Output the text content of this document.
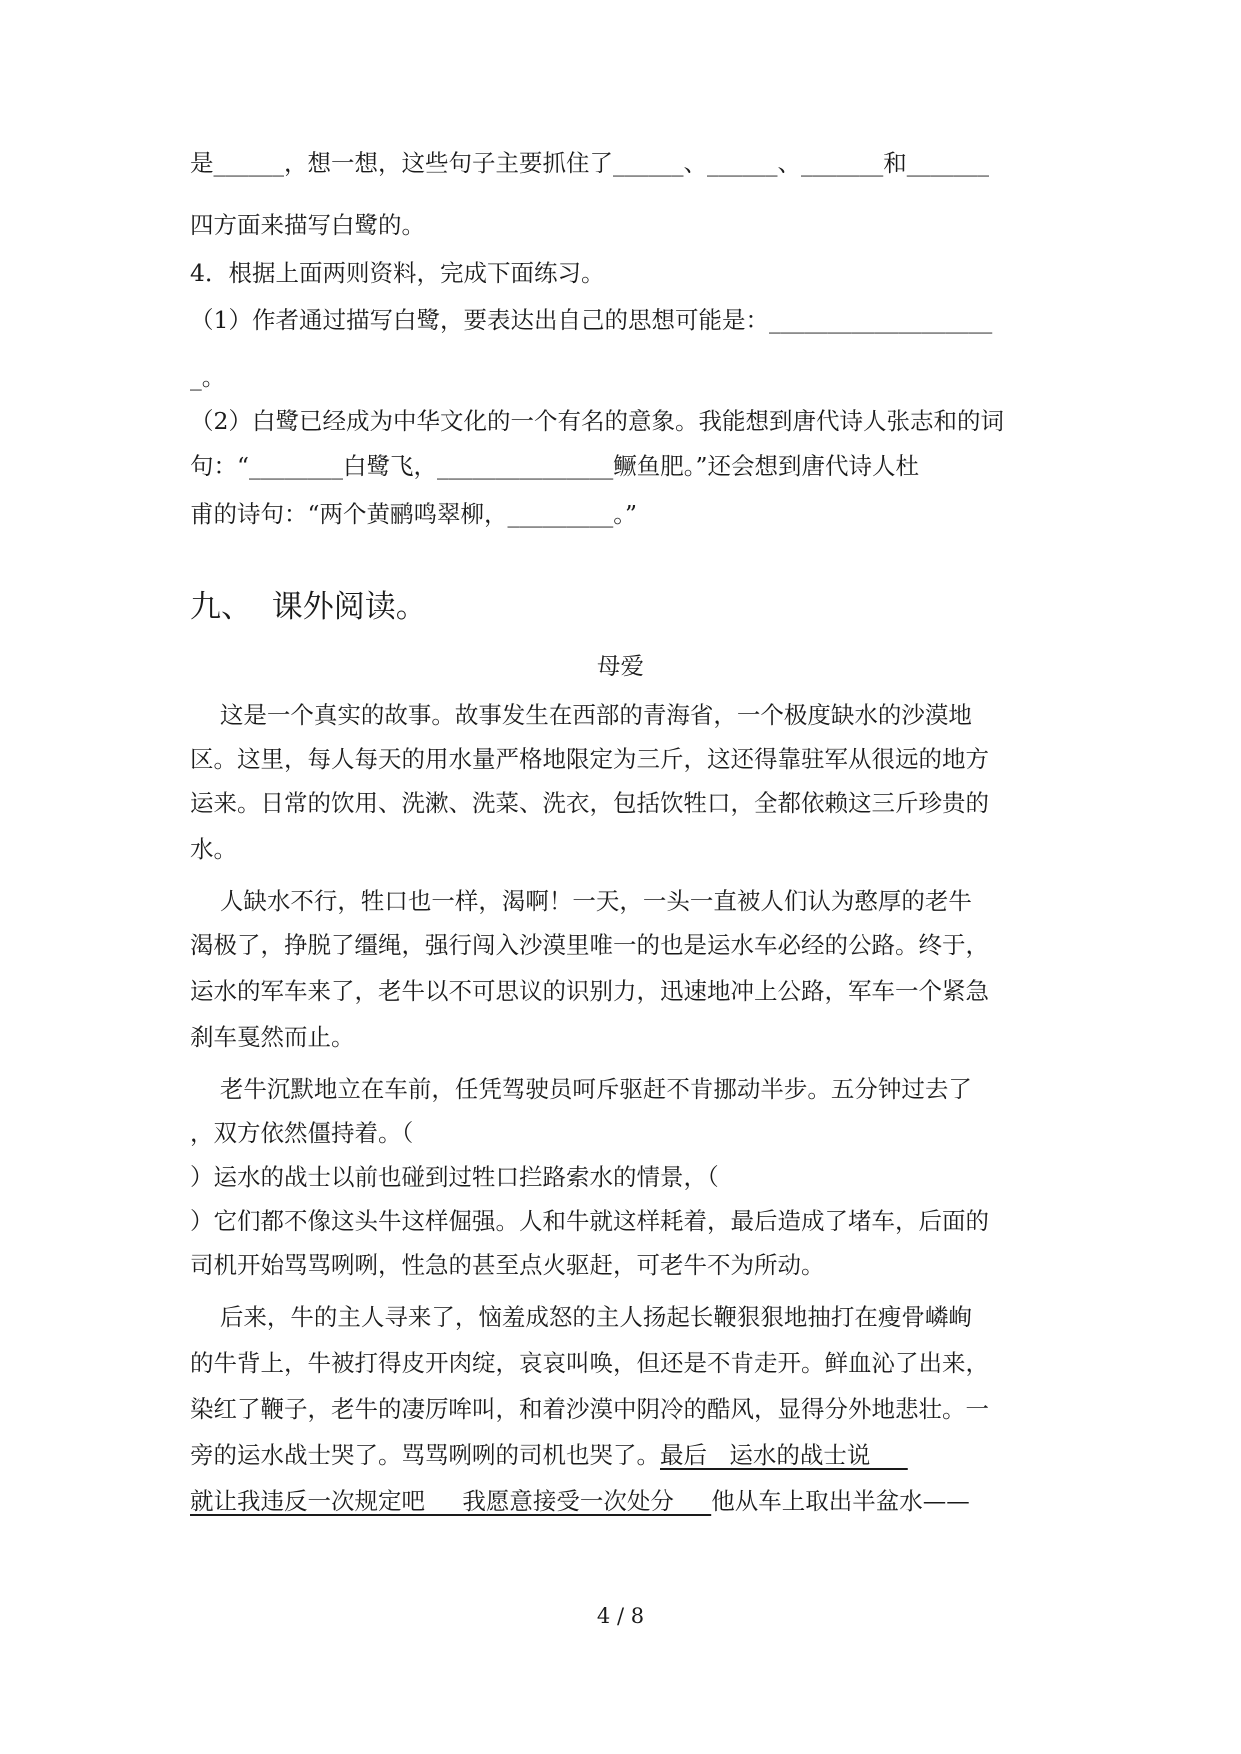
是______，想一想，这些句子主要抓住了______、______、_______和_______
四方面来描写白鹭的。
4．根据上面两则资料，完成下面练习。
（1）作者通过描写白鹭，要表达出自己的思想可能是：___________________
_。
（2）白鹭已经成为中华文化的一个有名的意象。我能想到唐代诗人张志和的词
句：“________白鹭飞，_______________鳜鱼肥。”还会想到唐代诗人杜
甫的诗句：“两个黄鹂鸣翠柳，_________。”
九、  课外阅读。
母爱
这是一个真实的故事。故事发生在西部的青海省，一个极度缺水的沙漠地
区。这里，每人每天的用水量严格地限定为三斤，这还得靠驻军从很远的地方
运来。日常的饮用、洗漱、洗菜、洗衣，包括饮牲口，全都依赖这三斤珍贵的
水。
人缺水不行，牲口也一样，渴啊！一天，一头一直被人们认为憨厚的老牛
渴极了，挣脱了缰绳，强行闯入沙漠里唯一的也是运水车必经的公路。终于，
运水的军车来了，老牛以不可思议的识别力，迅速地冲上公路，军车一个紧急
刹车戛然而止。
老牛沉默地立在车前，任凭驾驶员呵斥驱赶不肯挪动半步。五分钟过去了
，双方依然僵持着。（
）运水的战士以前也碰到过牲口拦路索水的情景，（
）它们都不像这头牛这样倔强。人和牛就这样耗着，最后造成了堵车，后面的
司机开始骂骂咧咧，性急的甚至点火驱赶，可老牛不为所动。
后来，牛的主人寻来了，恼羞成怒的主人扬起长鞭狠狠地抽打在瘦骨嶙峋
的牛背上，牛被打得皮开肉绽，哀哀叫唤，但还是不肯走开。鲜血沁了出来，
染红了鞭子，老牛的凄厉哞叫，和着沙漠中阴冷的酷风，显得分外地悲壮。一
旁的运水战士哭了。骂骂咧咧的司机也哭了。最后   运水的战士说
就让我违反一次规定吧     我愿意接受一次处分     他从车上取出半盆水——
4 / 8
